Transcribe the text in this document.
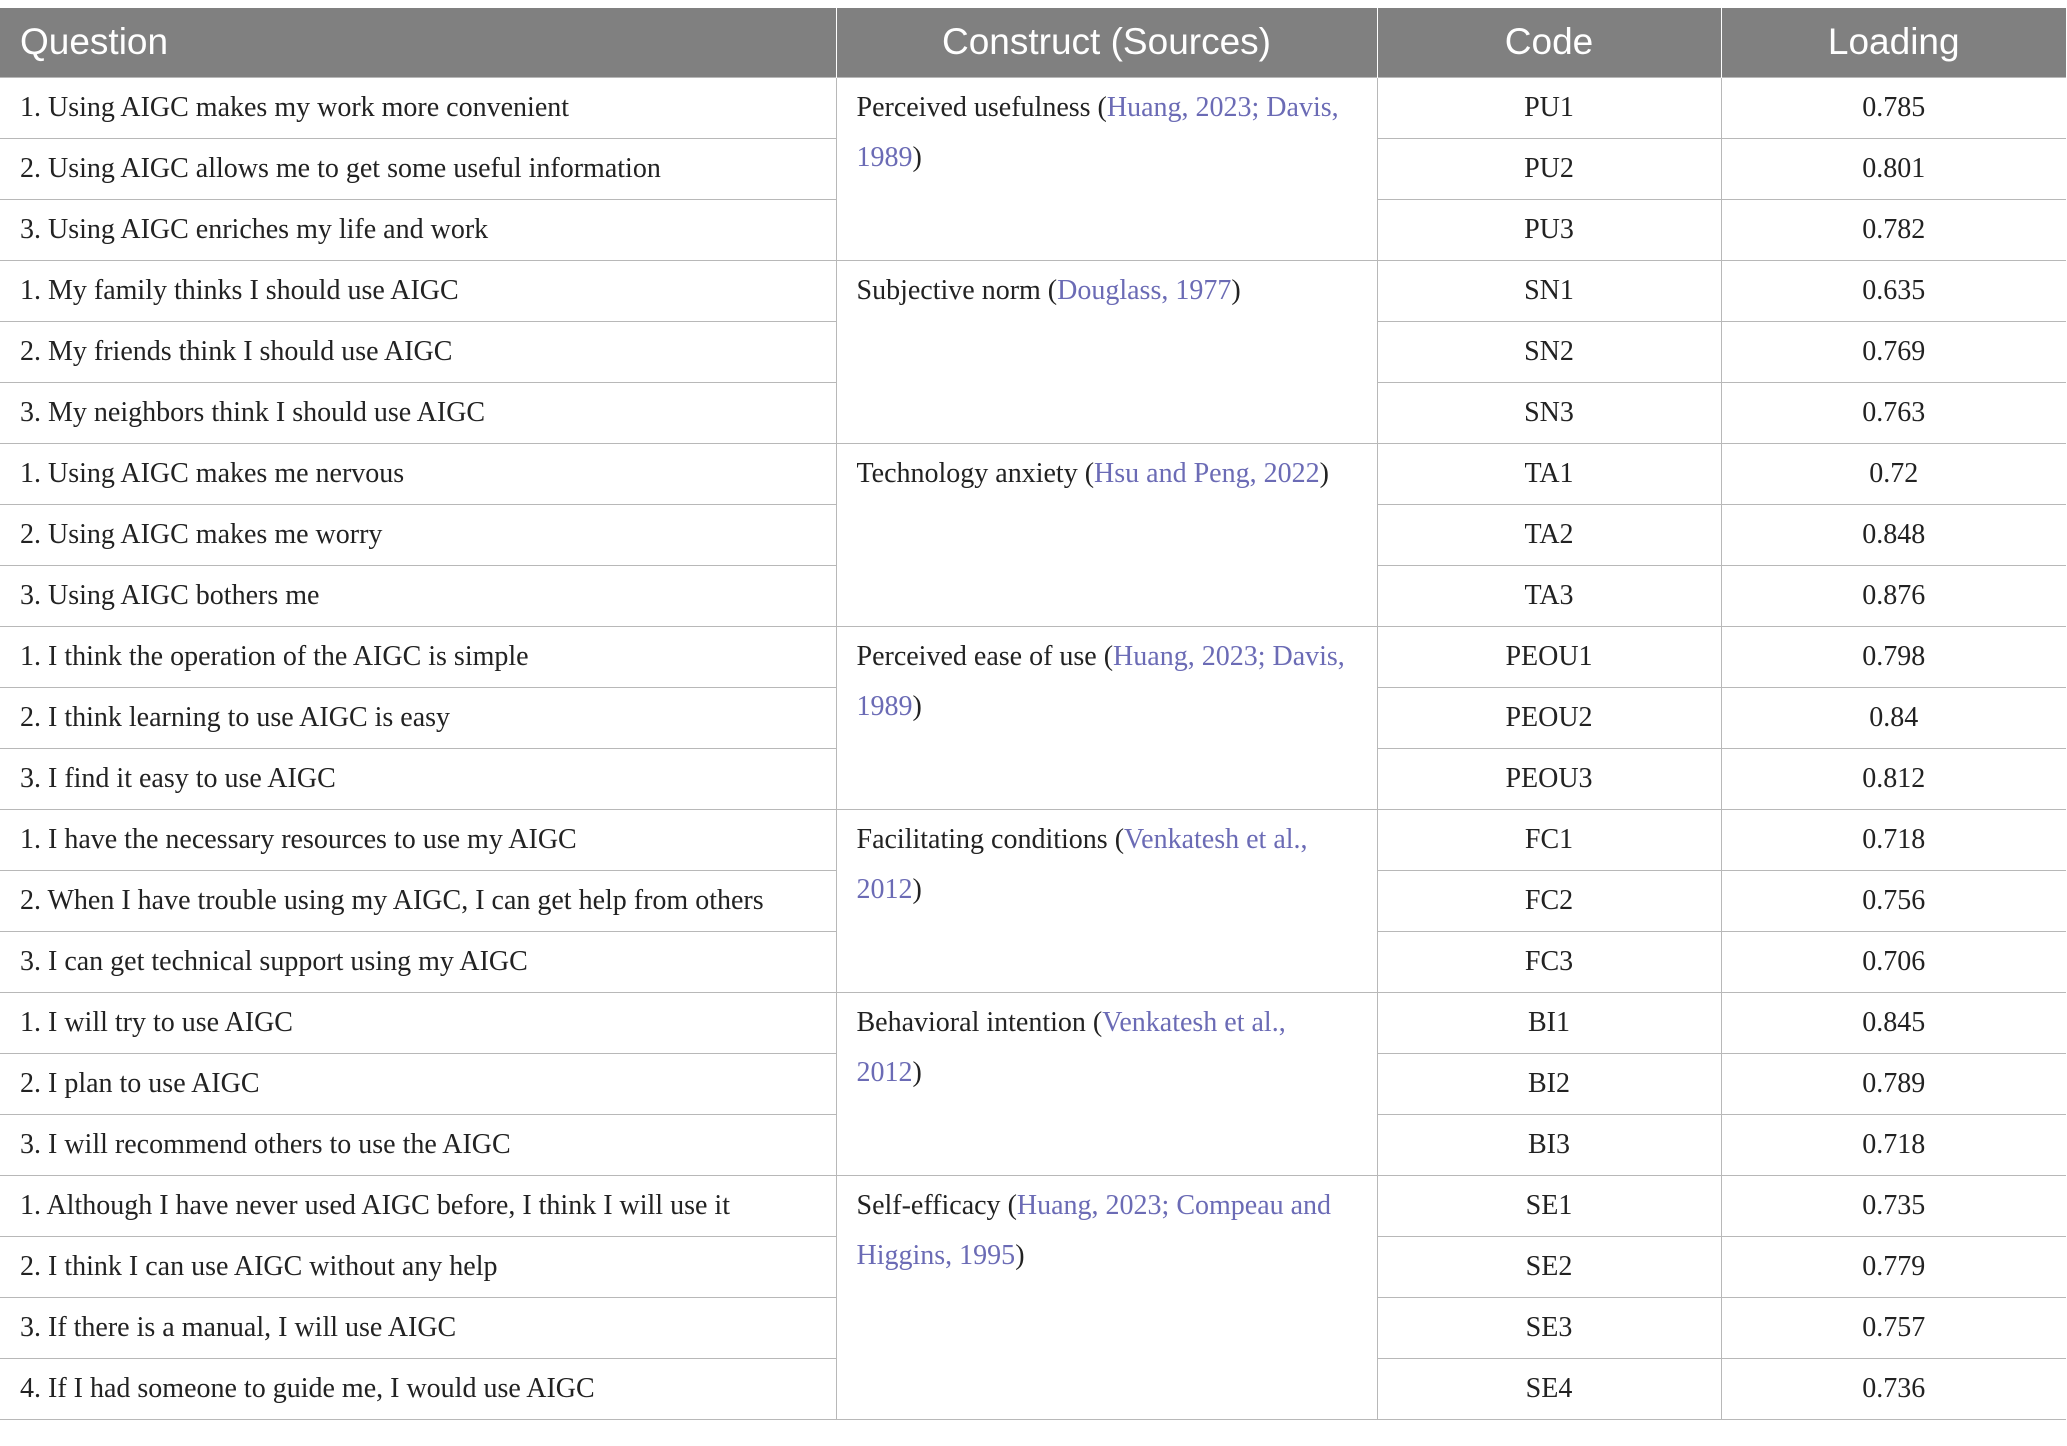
Question	Construct (Sources)	Code	Loading
1. Using AIGC makes my work more convenient	Perceived usefulness (Huang, 2023; Davis, 1989)	PU1	0.785
2. Using AIGC allows me to get some useful information		PU2	0.801
3. Using AIGC enriches my life and work		PU3	0.782
1. My family thinks I should use AIGC	Subjective norm (Douglass, 1977)	SN1	0.635
2. My friends think I should use AIGC		SN2	0.769
3. My neighbors think I should use AIGC		SN3	0.763
1. Using AIGC makes me nervous	Technology anxiety (Hsu and Peng, 2022)	TA1	0.72
2. Using AIGC makes me worry		TA2	0.848
3. Using AIGC bothers me		TA3	0.876
1. I think the operation of the AIGC is simple	Perceived ease of use (Huang, 2023; Davis, 1989)	PEOU1	0.798
2. I think learning to use AIGC is easy		PEOU2	0.84
3. I find it easy to use AIGC		PEOU3	0.812
1. I have the necessary resources to use my AIGC	Facilitating conditions (Venkatesh et al., 2012)	FC1	0.718
2. When I have trouble using my AIGC, I can get help from others		FC2	0.756
3. I can get technical support using my AIGC		FC3	0.706
1. I will try to use AIGC	Behavioral intention (Venkatesh et al., 2012)	BI1	0.845
2. I plan to use AIGC		BI2	0.789
3. I will recommend others to use the AIGC		BI3	0.718
1. Although I have never used AIGC before, I think I will use it	Self-efficacy (Huang, 2023; Compeau and Higgins, 1995)	SE1	0.735
2. I think I can use AIGC without any help		SE2	0.779
3. If there is a manual, I will use AIGC		SE3	0.757
4. If I had someone to guide me, I would use AIGC		SE4	0.736
